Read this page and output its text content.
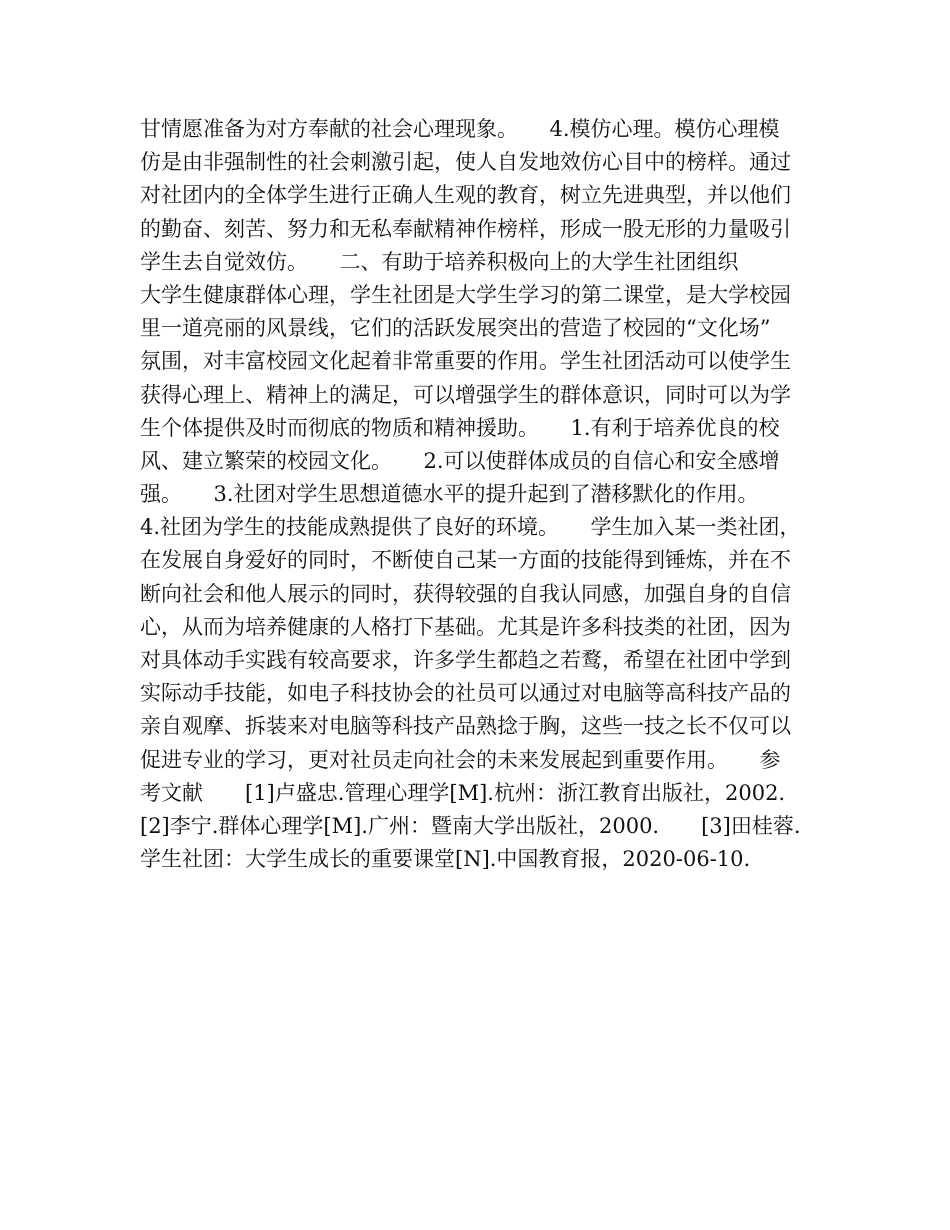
甘情愿准备为对方奉献的社会心理现象。　　4.模仿心理。模仿心理模
仿是由非强制性的社会刺激引起，使人自发地效仿心目中的榜样。通过
对社团内的全体学生进行正确人生观的教育，树立先进典型，并以他们
的勤奋、刻苦、努力和无私奉献精神作榜样，形成一股无形的力量吸引
学生去自觉效仿。　　二、有助于培养积极向上的大学生社团组织
大学生健康群体心理，学生社团是大学生学习的第二课堂，是大学校园
里一道亮丽的风景线，它们的活跃发展突出的营造了校园的“文化场”
氛围，对丰富校园文化起着非常重要的作用。学生社团活动可以使学生
获得心理上、精神上的满足，可以增强学生的群体意识，同时可以为学
生个体提供及时而彻底的物质和精神援助。　　1.有利于培养优良的校
风、建立繁荣的校园文化。　　2.可以使群体成员的自信心和安全感增
强。　　3.社团对学生思想道德水平的提升起到了潜移默化的作用。
4.社团为学生的技能成熟提供了良好的环境。　　学生加入某一类社团，
在发展自身爱好的同时，不断使自己某一方面的技能得到锤炼，并在不
断向社会和他人展示的同时，获得较强的自我认同感，加强自身的自信
心，从而为培养健康的人格打下基础。尤其是许多科技类的社团，因为
对具体动手实践有较高要求，许多学生都趋之若鹜，希望在社团中学到
实际动手技能，如电子科技协会的社员可以通过对电脑等高科技产品的
亲自观摩、拆装来对电脑等科技产品熟捻于胸，这些一技之长不仅可以
促进专业的学习，更对社员走向社会的未来发展起到重要作用。　　参
考文献　　[1]卢盛忠.管理心理学[M].杭州：浙江教育出版社，2002.
[2]李宁.群体心理学[M].广州：暨南大学出版社，2000.　　[3]田桂蓉.
学生社团：大学生成长的重要课堂[N].中国教育报，2020-06-10.
